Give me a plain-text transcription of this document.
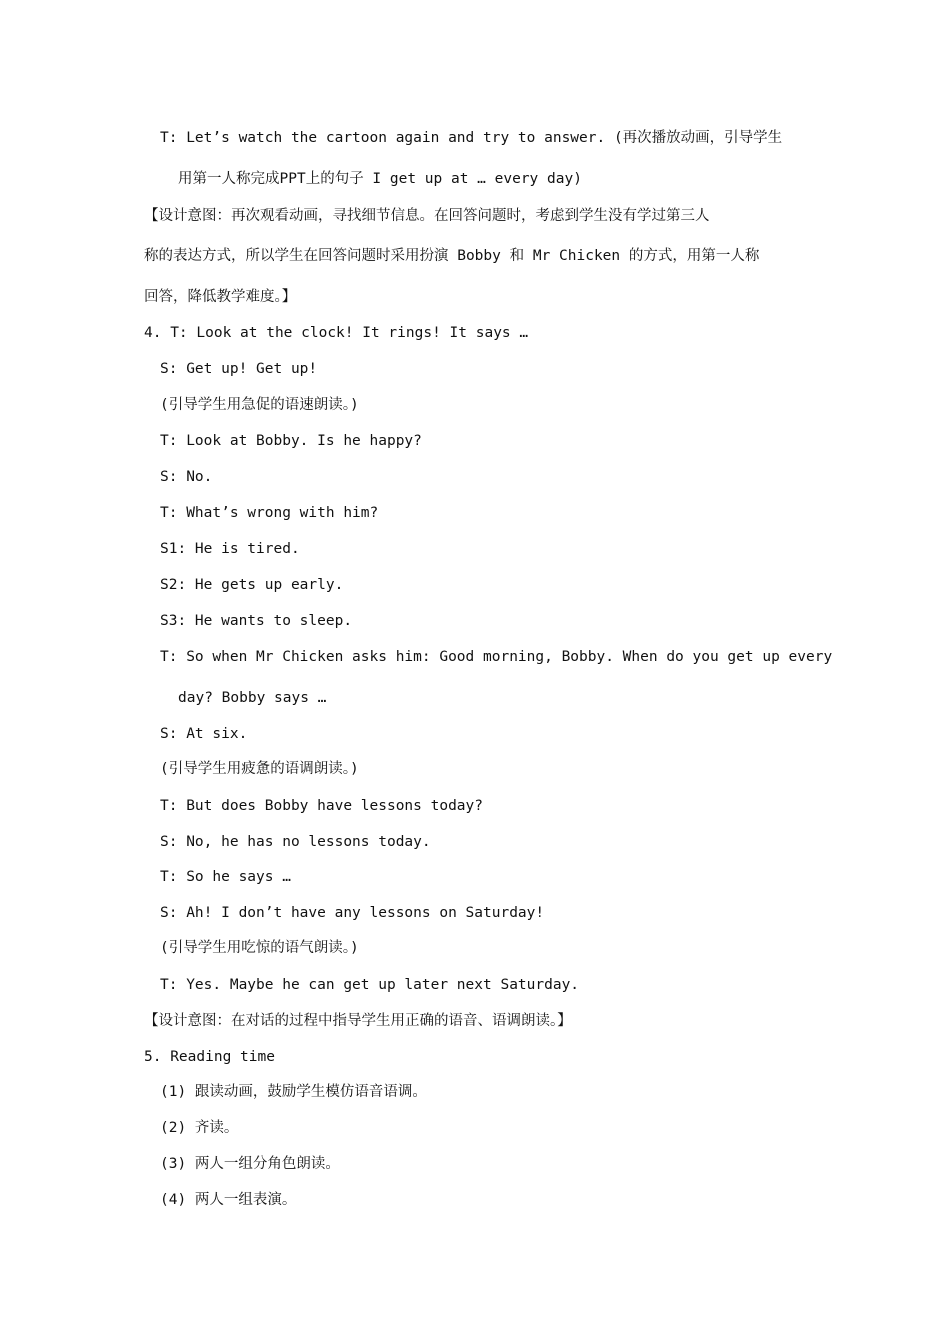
T: Let’s watch the cartoon again and try to answer. (再次播放动画，引导学生
用第一人称完成PPT上的句子 I get up at … every day)
【设计意图：再次观看动画，寻找细节信息。在回答问题时，考虑到学生没有学过第三人
称的表达方式，所以学生在回答问题时采用扮演 Bobby 和 Mr Chicken 的方式，用第一人称
回答，降低教学难度。】
4. T: Look at the clock! It rings! It says …
S: Get up! Get up!
(引导学生用急促的语速朗读。)
T: Look at Bobby. Is he happy?
S: No.
T: What’s wrong with him?
S1: He is tired.
S2: He gets up early.
S3: He wants to sleep.
T: So when Mr Chicken asks him: Good morning, Bobby. When do you get up every
day? Bobby says …
S: At six.
(引导学生用疲惫的语调朗读。)
T: But does Bobby have lessons today?
S: No, he has no lessons today.
T: So he says …
S: Ah! I don’t have any lessons on Saturday!
(引导学生用吃惊的语气朗读。)
T: Yes. Maybe he can get up later next Saturday.
【设计意图：在对话的过程中指导学生用正确的语音、语调朗读。】
5. Reading time
(1) 跟读动画，鼓励学生模仿语音语调。
(2) 齐读。
(3) 两人一组分角色朗读。
(4) 两人一组表演。
